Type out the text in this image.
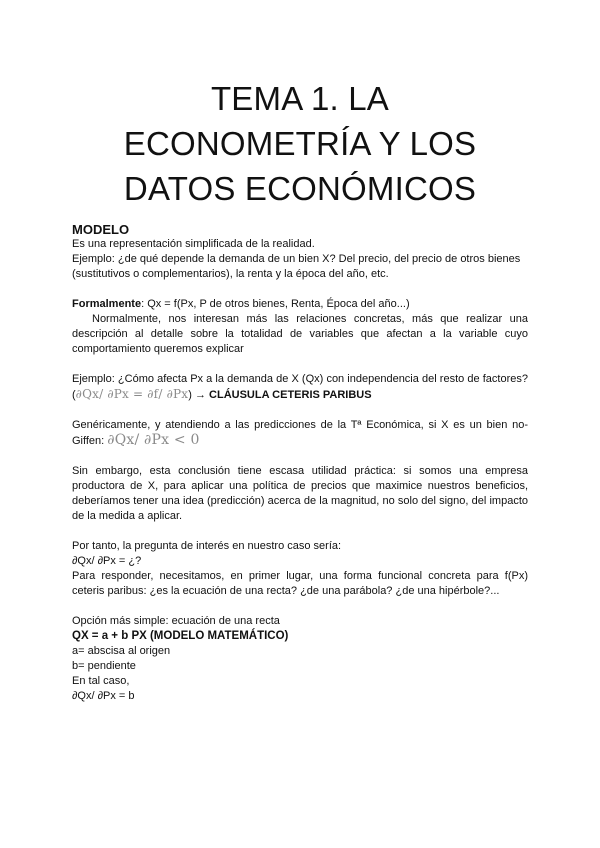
TEMA 1. LA
ECONOMETRÍA Y LOS
DATOS ECONÓMICOS
MODELO

Es una representación simplificada de la realidad.

Ejemplo: ¿de qué depende la demanda de un bien X? Del precio, del precio de otros bienes (sustitutivos o complementarios), la renta y la época del año, etc.

Formalmente: Qx = f(Px, P de otros bienes, Renta, Época del año...)

Normalmente, nos interesan más las relaciones concretas, más que realizar una descripción al detalle sobre la totalidad de variables que afectan a la variable cuyo comportamiento queremos explicar

Ejemplo: ¿Cómo afecta Px a la demanda de X (Qx) con independencia del resto de factores? (∂Qx/ ∂Px = ∂f/ ∂Px) → CLÁUSULA CETERIS PARIBUS

Genéricamente, y atendiendo a las predicciones de la Tª Económica, si X es un bien no-Giffen: ∂Qx/ ∂Px < 0

Sin embargo, esta conclusión tiene escasa utilidad práctica: si somos una empresa productora de X, para aplicar una política de precios que maximice nuestros beneficios, deberíamos tener una idea (predicción) acerca de la magnitud, no solo del signo, del impacto de la medida a aplicar.

Por tanto, la pregunta de interés en nuestro caso sería:

∂Qx/ ∂Px = ¿?

Para responder, necesitamos, en primer lugar, una forma funcional concreta para f(Px) ceteris paribus: ¿es la ecuación de una recta? ¿de una parábola? ¿de una hipérbole?...

Opción más simple: ecuación de una recta

QX = a + b PX (MODELO MATEMÁTICO)

a= abscisa al origen

b= pendiente

En tal caso,

∂Qx/ ∂Px = b
